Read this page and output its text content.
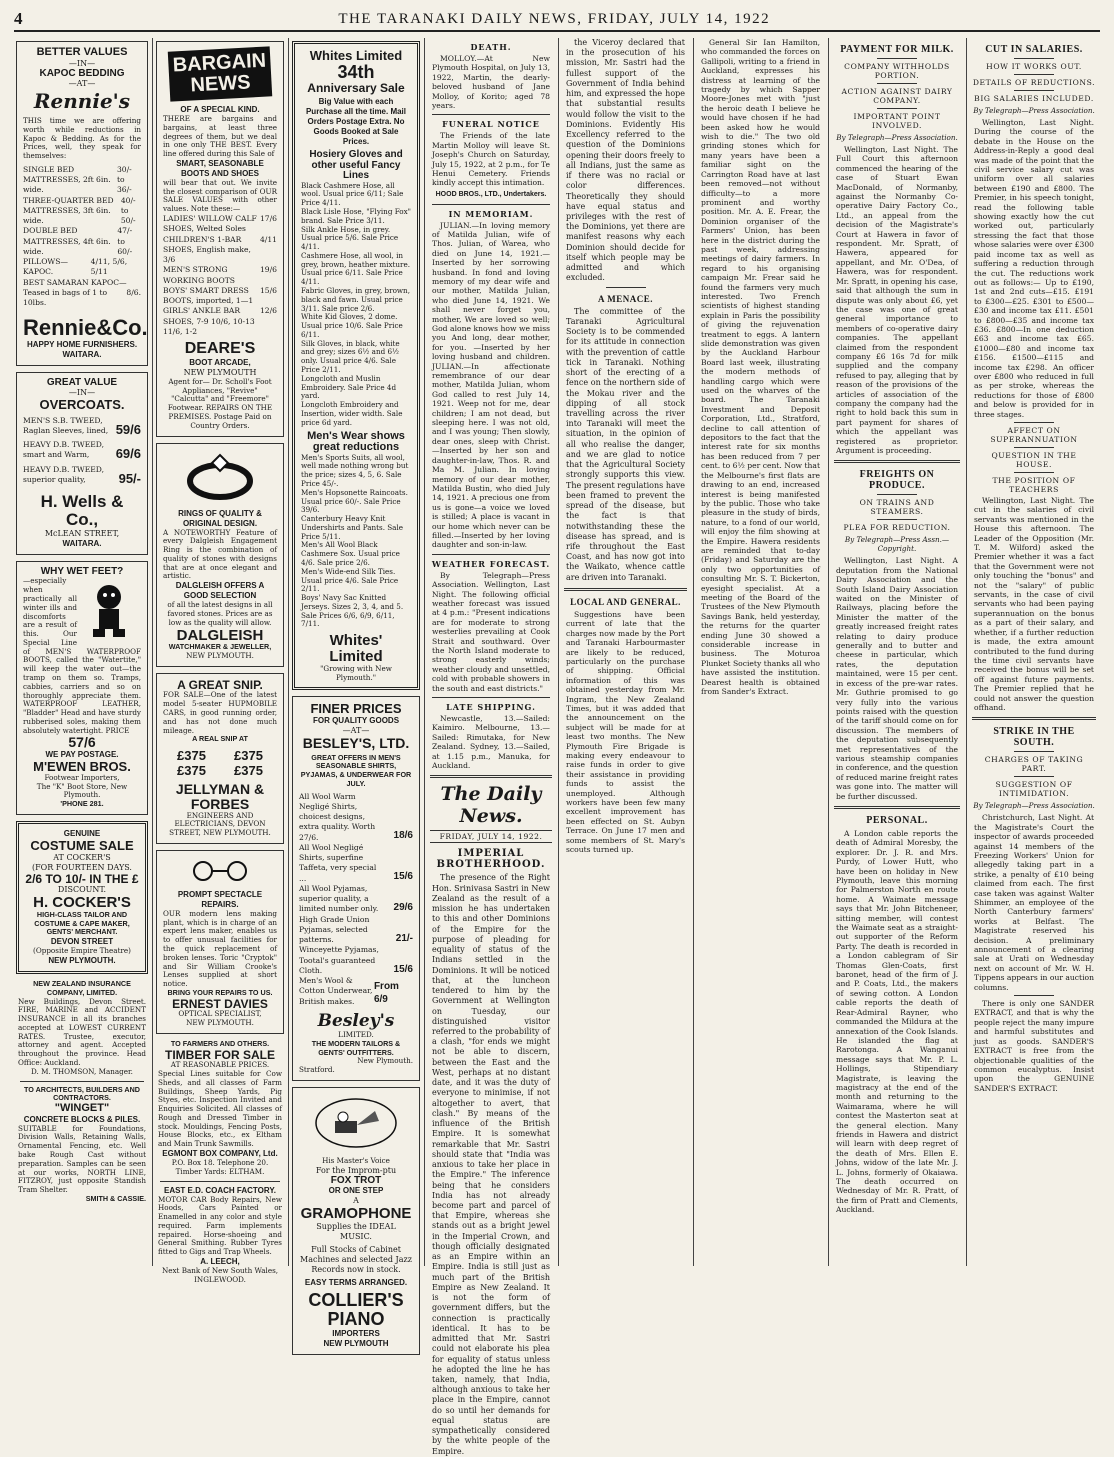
4	THE TARANAKI DAILY NEWS, FRIDAY, JULY 14, 1922
BETTER VALUES
—IN—
KAPOC BEDDING
—AT—
Rennie's
THIS time we are offering worth while reductions in Kapoc & Bedding. As for the Prices, well, they speak for themselves:
SINGLE BED MATTRESSES, 2ft 6in. wide.
30/- to 36/-
THREE-QUARTER BED MATTRESSES, 3ft 6in. wide.
40/- to 50/-
DOUBLE BED MATTRESSES, 4ft 6in. wide.
47/- to 60/-
PILLOWS—KAPOC.
4/11, 5/6, 5/11
BEST SAMARAN KAPOC—
Teased in bags of 1 to 10lbs.
8/6.
Rennie&Co.
HAPPY HOME FURNISHERS.
WAITARA.
GREAT VALUE
—IN—
OVERCOATS.
MEN'S S.B. TWEED, Raglan Sleeves, lined, 59/6
HEAVY D.B. TWEED, smart and Warm,	69/6
HEAVY D.B. TWEED, superior quality,	95/-
H. Wells & Co.,
McLEAN STREET,
WAITARA.
WHY WET FEET?
—especially when practically all winter ills and discomforts are a result of this. Our Special Line of MEN'S WATERPROOF BOOTS, called the "Watertite," will keep the water out—the tramp on them so. Tramps, cabbies, carriers and so on thoroughly appreciate them. WATERPROOF LEATHER, "Bladder" Head and have sturdy rubberised soles, making them absolutely watertight. PRICE
57/6
WE PAY POSTAGE.
M'EWEN BROS.
Footwear Importers,
The "K" Boot Store, New Plymouth.
'PHONE 281.
GENUINE
COSTUME SALE
AT COCKER'S
(FOR FOURTEEN DAYS.
2/6 TO 10/- IN THE £
DISCOUNT.
H. COCKER'S
HIGH-CLASS TAILOR AND COSTUME & CAPE MAKER, GENTS' MERCHANT.
DEVON STREET
(Opposite Empire Theatre)
NEW PLYMOUTH.
NEW ZEALAND INSURANCE COMPANY, LIMITED.
New Buildings, Devon Street. FIRE, MARINE and ACCIDENT INSURANCE in all its branches accepted at LOWEST CURRENT RATES. Trustee, executor, attorney and agent. Accepted throughout the province. Head Office: Auckland.
D. M. THOMSON, Manager.
TO ARCHITECTS, BUILDERS AND CONTRACTORS.
"WINGET"
CONCRETE BLOCKS & PILES.
SUITABLE for Foundations, Division Walls, Retaining Walls, Ornamental Fencing, etc. Well bake Rough Cast without preparation. Samples can be seen at our works, NORTH LINE, FITZROY, just opposite Standish Tram Shelter.
SMITH & CASSIE.
BARGAIN NEWS
OF A SPECIAL KIND.
THERE are bargains and bargains, at least three degrees of them, but we deal in one only THE BEST. Every line offered during this Sale of
SMART, SEASONABLE BOOTS AND SHOES
will bear that out. We invite the closest comparison of OUR SALE VALUES with other values. Note these:—
LADIES' WILLOW CALF SHOES, Welted Soles
17/6
CHILDREN'S 1-BAR SHOES, English make, 3/6
4/11
MEN'S STRONG WORKING BOOTS
19/6
BOYS' SMART DRESS BOOTS, imported, 1—1
15/6
GIRLS' ANKLE BAR SHOES, 7-9 10/6, 10-13 11/6, 1-2
12/6
DEARE'S
BOOT ARCADE,
NEW PLYMOUTH
Agent for— Dr. Scholl's Foot Appliances, "Revive" "Calcutta" and "Freemore" Footwear. REPAIRS ON THE PREMISES. Postage Paid on Country Orders.
RINGS OF QUALITY & ORIGINAL DESIGN.
A NOTEWORTHY Feature of every Dalgleish Engagement Ring is the combination of quality of stones with designs that are at once elegant and artistic.
DALGLEISH OFFERS A GOOD SELECTION
of all the latest designs in all favored stones. Prices are as low as the quality will allow.
DALGLEISH
WATCHMAKER & JEWELLER,
NEW PLYMOUTH.
A GREAT SNIP.
FOR SALE—One of the latest model 5-seater HUPMOBILE CARS, in good running order, and has not done much mileage.
A REAL SNIP AT
£375	£375
£375	£375
JELLYMAN & FORBES
ENGINEERS AND ELECTRICIANS, DEVON STREET, NEW PLYMOUTH.
PROMPT SPECTACLE REPAIRS.
OUR modern lens making plant, which is in charge of an expert lens maker, enables us to offer unusual facilities for the quick replacement of broken lenses. Toric "Cryptok" and Sir William Crooke's Lenses supplied at short notice.
BRING YOUR REPAIRS TO US.
ERNEST DAVIES
OPTICAL SPECIALIST,
NEW PLYMOUTH.
TO FARMERS AND OTHERS.
TIMBER FOR SALE
AT REASONABLE PRICES.
Special Lines suitable for Cow Sheds, and all classes of Farm Buildings, Sheep Yards, Pig Styes, etc. Inspection Invited and Enquiries Solicited. All classes of Rough and Dressed Timber in stock. Mouldings, Fencing Posts, House Blocks, etc., ex Eltham and Main Trunk Sawmills.
EGMONT BOX COMPANY, Ltd.
P.O. Box 18. Telephone 20. Timber Yards: ELTHAM.
EAST E.D. COACH FACTORY.
MOTOR CAR Body Repairs, New Hoods, Cars Painted or Enamelled in any color and style required. Farm implements repaired. Horse-shoeing and General Smithing. Rubber Tyres fitted to Gigs and Trap Wheels.
A. LEECH,
Next Bank of New South Wales, INGLEWOOD.
Whites Limited
34th
Anniversary Sale
Big Value with each Purchase all the time. Mail Orders Postage Extra. No Goods Booked at Sale Prices.
Hosiery Gloves and other useful Fancy Lines
Black Cashmere Hose, all wool. Usual price 6/11; Sale Price 4/11.
Black Lisle Hose, "Flying Fox" brand. Sale Price 3/11.
Silk Ankle Hose, in grey. Usual price 5/6. Sale Price 4/11.
Cashmere Hose, all wool, in grey, brown, heather mixture. Usual price 6/11. Sale Price 4/11.
Fabric Gloves, in grey, brown, black and fawn. Usual price 3/11. Sale price 2/6.
White Kid Gloves, 2 dome. Usual price 10/6. Sale Price 6/11.
Silk Gloves, in black, white and grey; sizes 6½ and 6½ only. Usual price 4/6. Sale Price 2/11.
Longcloth and Muslin Embroidery. Sale Price 4d yard.
Longcloth Embroidery and Insertion, wider width. Sale price 6d yard.
Men's Wear shows great reductions
Men's Sports Suits, all wool, well made nothing wrong but the price; sizes 4, 5, 6. Sale Price 45/-.
Men's Hopsonette Raincoats. Usual price 60/-. Sale Price 39/6.
Canterbury Heavy Knit Undershirts and Pants. Sale Price 5/11.
Men's All Wool Black Cashmere Sox. Usual price 4/6. Sale price 2/6.
Men's Wide-end Silk Ties. Usual price 4/6. Sale Price 2/11.
Boys' Navy Sac Knitted Jerseys. Sizes 2, 3, 4, and 5. Sale Prices 6/6, 6/9, 6/11, 7/11.
Whites' Limited
"Growing with New Plymouth."
FINER PRICES
FOR QUALITY GOODS
—AT—
BESLEY'S, LTD.
GREAT OFFERS IN MEN'S SEASONABLE SHIRTS, PYJAMAS, & UNDERWEAR FOR JULY.
All Wool Warm Negligé Shirts, choicest designs, extra quality. Worth 27/6.	18/6
All Wool Negligé Shirts, superfine Taffeta, very special ...	15/6
All Wool Pyjamas, superior quality, a limited number only. 29/6
High Grade Union Pyjamas, selected patterns.	21/-
Winceyette Pyjamas, Tootal's guaranteed Cloth.	15/6
Men's Wool & Cotton Underwear, British makes.
From 6/9
Besley's
LIMITED.
THE MODERN TAILORS & GENTS' OUTFITTERS.
New Plymouth.
Stratford.
His Master's Voice
For the Improm-ptu
FOX TROT
OR ONE STEP
A
GRAMOPHONE
Supplies the IDEAL MUSIC.
Full Stocks of Cabinet Machines and selected Jazz Records now in stock.
EASY TERMS ARRANGED.
COLLIER'S PIANO
IMPORTERS
NEW PLYMOUTH
DEATH.

MOLLOY.—At New Plymouth Hospital, on July 13, 1922, Martin, the dearly-beloved husband of Jane Molloy, of Korito; aged 78 years.

FUNERAL NOTICE

The Friends of the late Martin Molloy will leave St. Joseph's Church on Saturday, July 15, 1922, at 2 p.m., for Te Henui Cemetery. Friends kindly accept this intimation.

HOOD BROS., LTD., Undertakers.
IN MEMORIAM.

JULIAN.—In loving memory of Matilda Julian, wife of Thos. Julian, of Warea, who died on June 14, 1921.—Inserted by her sorrowing husband. In fond and loving memory of my dear wife and our mother, Matilda Julian, who died June 14, 1921. We shall never forget you, mother, We are loved so well; God alone knows how we miss you And long, dear mother, for you. —Inserted by her loving husband and children. JULIAN.—In affectionate remembrance of our dear mother, Matilda Julian, whom God called to rest July 14, 1921. Weep not for me, dear children; I am not dead, but sleeping here. I was not old, and I was young; Then slowly, dear ones, sleep with Christ.—Inserted by her son and daughter-in-law, Thos. R. and Ma M. Julian. In loving memory of our dear mother, Matilda Bustin, who died July 14, 1921. A precious one from us is gone—a voice we loved is stilled; A place is vacant in our home which never can be filled.—Inserted by her loving daughter and son-in-law.

WEATHER FORECAST.

By Telegraph—Press Association. Wellington, Last Night. The following official weather forecast was issued at 4 p.m.: "Present indications are for moderate to strong westerlies prevailing at Cook Strait and southward. Over the North Island moderate to strong easterly winds; weather cloudy and unsettled, cold with probable showers in the south and east districts."

LATE SHIPPING.

Newcastle, 13.—Sailed: Kaimiro. Melbourne, 13.—Sailed: Rimutaka, for New Zealand. Sydney, 13.—Sailed, at 1.15 p.m., Manuka, for Auckland.

The Daily News.
FRIDAY, JULY 14, 1922.
IMPERIAL BROTHERHOOD.

The presence of the Right Hon. Srinivasa Sastri in New Zealand as the result of a mission he has undertaken to this and other Dominions of the Empire for the purpose of pleading for equality of status of the Indians settled in the Dominions. It will be noticed that, at the luncheon tendered to him by the Government at Wellington on Tuesday, our distinguished visitor referred to the probability of a clash, "for ends we might not be able to discern, between the East and the West, perhaps at no distant date, and it was the duty of everyone to minimise, if not altogether to avert, that clash." By means of the influence of the British Empire. It is somewhat remarkable that Mr. Sastri should state that "India was anxious to take her place in the Empire." The inference being that he considers India has not already become part and parcel of that Empire, whereas she stands out as a bright jewel in the Imperial Crown, and though officially designated as an Empire within an Empire. India is still just as much part of the British Empire as New Zealand. It is not the form of government differs, but the connection is practically identical. It has to be admitted that Mr. Sastri could not elaborate his plea for equality of status unless he adopted the line he has taken, namely, that India, although anxious to take her place in the Empire, cannot do so until her demands for equal status are sympathetically considered by the white people of the Empire.

the Viceroy declared that in the prosecution of his mission, Mr. Sastri had the fullest support of the Government of India behind him, and expressed the hope that substantial results would follow the visit to the Dominions. Evidently His Excellency referred to the question of the Dominions opening their doors freely to all Indians, just the same as if there was no racial or color differences. Theoretically they should have equal status and privileges with the rest of the Dominions, yet there are manifest reasons why each Dominion should decide for itself which people may be admitted and which excluded.

A MENACE.

The committee of the Taranaki Agricultural Society is to be commended for its attitude in connection with the prevention of cattle tick in Taranaki. Nothing short of the erecting of a fence on the northern side of the Mokau river and the dipping of all stock travelling across the river into Taranaki will meet the situation, in the opinion of all who realise the danger, and we are glad to notice that the Agricultural Society strongly supports this view. The present regulations have been framed to prevent the spread of the disease, but the fact is that notwithstanding these the disease has spread, and is rife throughout the East Coast, and has now got into the Waikato, whence cattle are driven into Taranaki.

LOCAL AND GENERAL.

Suggestions have been current of late that the charges now made by the Port and Taranaki Harbourmaster are likely to be reduced, particularly on the purchase of shipping. Official information of this was obtained yesterday from Mr. Ingram, the New Zealand Times, but it was added that the announcement on the subject will be made for at least two months. The New Plymouth Fire Brigade is making every endeavour to raise funds in order to give their assistance in providing funds to assist the unemployed. Although workers have been few many excellent improvement has been effected on St. Aubyn Terrace. On June 17 men and some members of St. Mary's scouts turned up.

General Sir Ian Hamilton, who commanded the forces on Gallipoli, writing to a friend in Auckland, expresses his distress at learning of the tragedy by which Sapper Moore-Jones met with "just the heroic death I believe he would have chosen if he had been asked how he would wish to die." The two old grinding stones which for many years have been a familiar sight on the Carrington Road have at last been removed—not without difficulty—to a more prominent and worthy position. Mr. A. E. Frear, the Dominion organiser of the Farmers' Union, has been here in the district during the past week, addressing meetings of dairy farmers. In regard to his organising campaign Mr. Frear said he found the farmers very much interested. Two French scientists of highest standing explain in Paris the possibility of giving the rejuvenation treatment to eggs. A lantern slide demonstration was given by the Auckland Harbour Board last week, illustrating the modern methods of handling cargo which were used on the wharves of the board. The Taranaki Investment and Deposit Corporation, Ltd., Stratford, decline to call attention of depositors to the fact that the interest rate for six months has been reduced from 7 per cent. to 6½ per cent. Now that the Melbourne's first flats are drawing to an end, increased interest is being manifested by the public. Those who take pleasure in the study of birds, nature, to a fond of our world, will enjoy the film showing at the Empire. Hawera residents are reminded that to-day (Friday) and Saturday are the only two opportunities of consulting Mr. S. T. Bickerton, eyesight specialist. At a meeting of the Board of the Trustees of the New Plymouth Savings Bank, held yesterday, the returns for the quarter ending June 30 showed a considerable increase in business. The Moturoa Plunket Society thanks all who have assisted the institution. Dearest health is obtained from Sander's Extract.

PAYMENT FOR MILK.
COMPANY WITHHOLDS PORTION.
ACTION AGAINST DAIRY COMPANY.
IMPORTANT POINT INVOLVED.
By Telegraph—Press Association.

Wellington, Last Night. The Full Court this afternoon commenced the hearing of the case of Stuart Ewan MacDonald, of Normanby, against the Normanby Co-operative Dairy Factory Co., Ltd., an appeal from the decision of the Magistrate's Court at Hawera in favor of respondent. Mr. Spratt, of Hawera, appeared for appellant, and Mr. O'Dea, of Hawera, was for respondent. Mr. Spratt, in opening his case, said that although the sum in dispute was only about £6, yet the case was one of great general importance to members of co-operative dairy companies. The appellant claimed from the respondent company £6 16s 7d for milk supplied and the company refused to pay, alleging that by reason of the provisions of the articles of association of the company the company had the right to hold back this sum in part payment for shares of which the appellant was registered as proprietor. Argument is proceeding.

FREIGHTS ON PRODUCE.
ON TRAINS AND STEAMERS.
PLEA FOR REDUCTION.
By Telegraph—Press Assn.—Copyright.

Wellington, Last Night. A deputation from the National Dairy Association and the South Island Dairy Association waited on the Minister of Railways, placing before the Minister the matter of the greatly increased freight rates relating to dairy produce generally and to butter and cheese in particular, which rates, the deputation maintained, were 15 per cent. in excess of the pre-war rates. Mr. Guthrie promised to go very fully into the various points raised with the question of the tariff should come on for discussion. The members of the deputation subsequently met representatives of the various steamship companies in conference, and the question of reduced marine freight rates was gone into. The matter will be further discussed.

PERSONAL.

A London cable reports the death of Admiral Moresby, the explorer. Dr. J. R. and Mrs. Purdy, of Lower Hutt, who have been on holiday in New Plymouth, leave this morning for Palmerston North en route home. A Waimate message says that Mr. John Bitcheneer, sitting member, will contest the Waimate seat as a straight-out supporter of the Reform Party. The death is recorded in a London cablegram of Sir Thomas Glen-Coats, first baronet, head of the firm of J. and P. Coats, Ltd., the makers of sewing cotton. A London cable reports the death of Rear-Admiral Rayner, who commanded the Mildura at the annexation of the Cook Islands. He islanded the flag at Rarotonga. A Wanganui message says that Mr. P. L. Hollings, Stipendiary Magistrate, is leaving the magistracy at the end of the month and returning to the Waimarama, where he will contest the Masterton seat at the general election. Many friends in Hawera and district will learn with deep regret of the death of Mrs. Ellen E. Johns, widow of the late Mr. J. L. Johns, formerly of Okaiawa. The death occurred on Wednesday of Mr. R. Pratt, of the firm of Pratt and Clements, Auckland.

CUT IN SALARIES.
HOW IT WORKS OUT.
DETAILS OF REDUCTIONS.
BIG SALARIES INCLUDED.
By Telegraph—Press Association.

Wellington, Last Night. During the course of the debate in the House on the Address-in-Reply a good deal was made of the point that the civil service salary cut was uniform over all salaries between £190 and £800. The Premier, in his speech tonight, read the following table showing exactly how the cut worked out, particularly stressing the fact that those whose salaries were over £300 paid income tax as well as suffering a reduction through the cut. The reductions work out as follows:— Up to £190, 1st and 2nd cuts—£15. £191 to £300—£25. £301 to £500—£30 and income tax £11. £501 to £800—£35 and income tax £36. £800—In one deduction £63 and income tax £65. £1000—£80 and income tax £156. £1500—£115 and income tax £298. An officer over £800 who reduced in full as per stroke, whereas the reductions for those of £800 and below is provided for in three stages.

AFFECT ON SUPERANNUATION
QUESTION IN THE HOUSE.
THE POSITION OF TEACHERS

Wellington, Last Night. The cut in the salaries of civil servants was mentioned in the House this afternoon. The Leader of the Opposition (Mr. T. M. Wilford) asked the Premier whether it was a fact that the Government were not only touching the "bonus" and not the "salary" of public servants, in the case of civil servants who had been paying superannuation on the bonus as a part of their salary, and whether, if a further reduction is made, the extra amount contributed to the fund during the time civil servants have received the bonus will be set off against future payments. The Premier replied that he could not answer the question offhand.

STRIKE IN THE SOUTH.
CHARGES OF TAKING PART.
SUGGESTION OF INTIMIDATION.
By Telegraph—Press Association.

Christchurch, Last Night. At the Magistrate's Court the inspector of awards proceeded against 14 members of the Freezing Workers' Union for allegedly taking part in a strike, a penalty of £10 being claimed from each. The first case taken was against Walter Shimmer, an employee of the North Canterbury farmers' works at Belfast. The Magistrate reserved his decision. A preliminary announcement of a clearing sale at Urati on Wednesday next on account of Mr. W. H. Tippens appears in our auction columns.

There is only one SANDER EXTRACT, and that is why the people reject the many impure and harmful substitutes and just as goods. SANDER'S EXTRACT is free from the objectionable qualities of the common eucalyptus. Insist upon the GENUINE SANDER'S EXTRACT.
